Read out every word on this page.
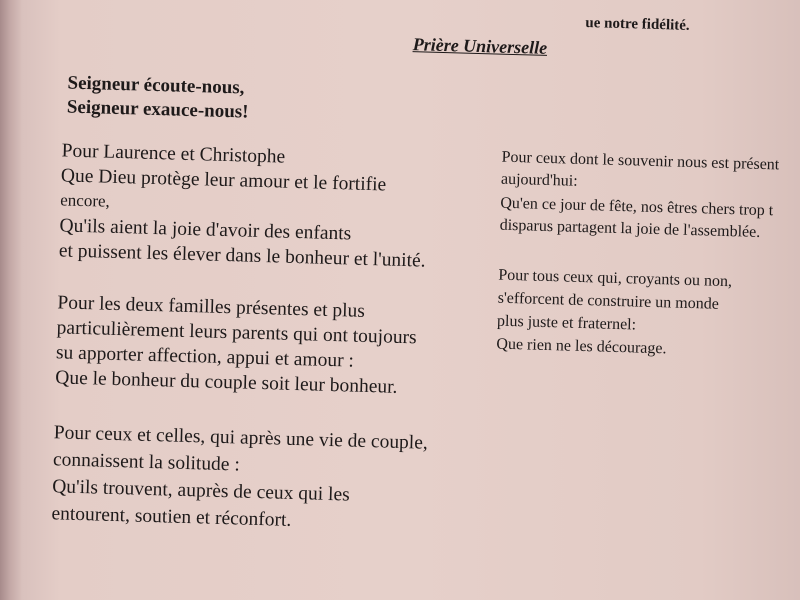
ue notre fidélité.
Prière Universelle
Seigneur écoute-nous,
Seigneur exauce-nous!
Pour Laurence et Christophe
Que Dieu protège leur amour et le fortifie
encore,
Qu'ils aient la joie d'avoir des enfants
et puissent les élever dans le bonheur et l'unité.
Pour les deux familles présentes et plus
particulièrement leurs parents qui ont toujours
su apporter affection, appui et amour :
Que le bonheur du couple soit leur bonheur.
Pour ceux et celles, qui après une vie de couple,
connaissent la solitude :
Qu'ils trouvent, auprès de ceux qui les
entourent, soutien et réconfort.
Pour ceux dont le souvenir nous est présent
aujourd'hui:
Qu'en ce jour de fête, nos êtres chers trop t
disparus partagent la joie de l'assemblée.
Pour tous ceux qui, croyants ou non,
s'efforcent de construire un monde
plus juste et fraternel:
Que rien ne les décourage.
